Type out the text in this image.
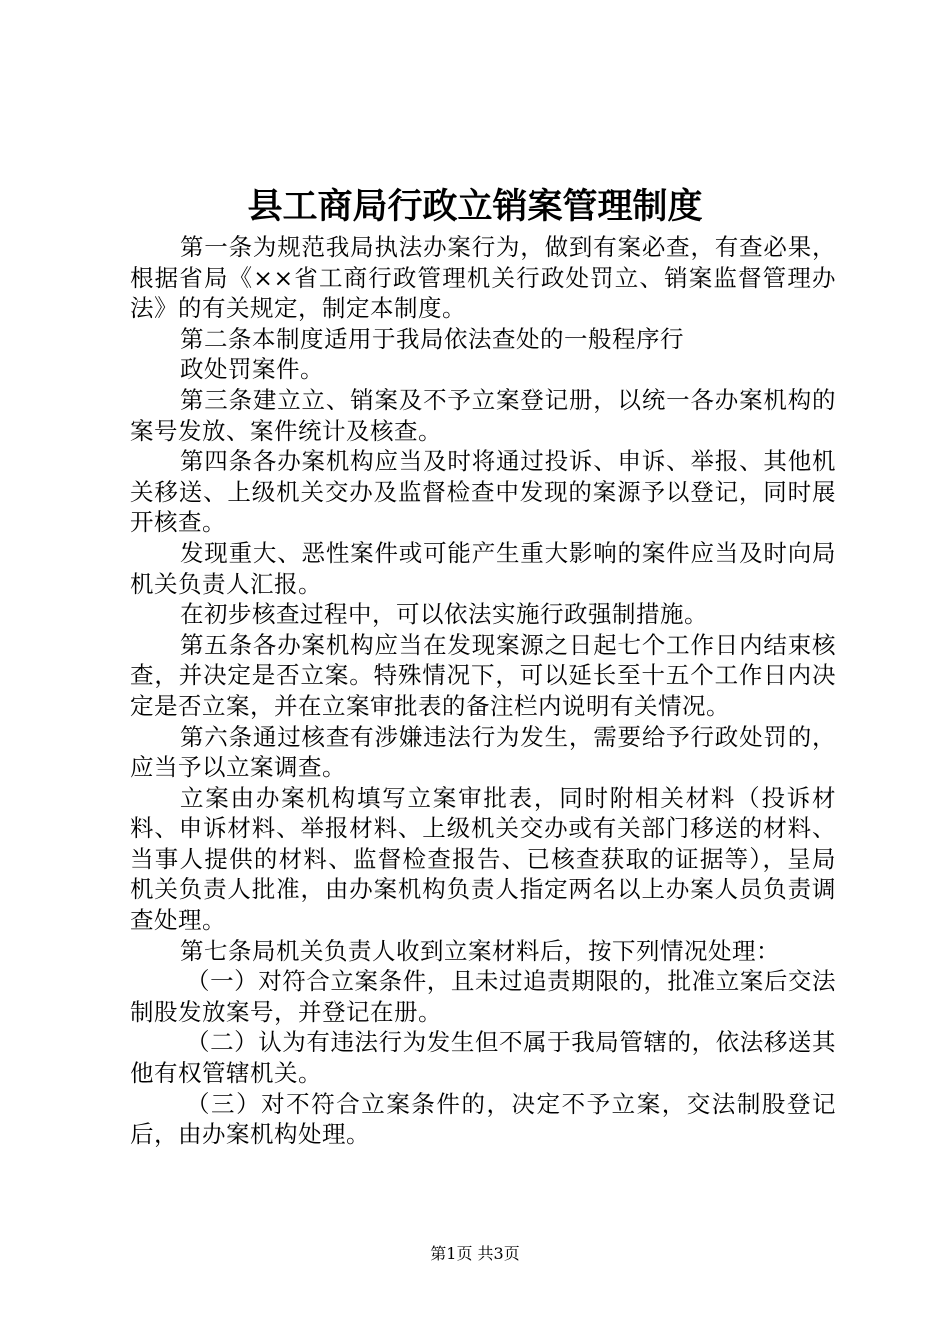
县工商局行政立销案管理制度

第一条为规范我局执法办案行为，做到有案必查，有查必果，根据省局《××省工商行政管理机关行政处罚立、销案监督管理办法》的有关规定，制定本制度。

第二条本制度适用于我局依法查处的一般程序行

政处罚案件。

第三条建立立、销案及不予立案登记册，以统一各办案机构的案号发放、案件统计及核查。

第四条各办案机构应当及时将通过投诉、申诉、举报、其他机关移送、上级机关交办及监督检查中发现的案源予以登记，同时展开核查。

发现重大、恶性案件或可能产生重大影响的案件应当及时向局机关负责人汇报。

在初步核查过程中，可以依法实施行政强制措施。

第五条各办案机构应当在发现案源之日起七个工作日内结束核查，并决定是否立案。特殊情况下，可以延长至十五个工作日内决定是否立案，并在立案审批表的备注栏内说明有关情况。

第六条通过核查有涉嫌违法行为发生，需要给予行政处罚的，应当予以立案调查。

立案由办案机构填写立案审批表，同时附相关材料（投诉材料、申诉材料、举报材料、上级机关交办或有关部门移送的材料、当事人提供的材料、监督检查报告、已核查获取的证据等），呈局机关负责人批准，由办案机构负责人指定两名以上办案人员负责调查处理。

第七条局机关负责人收到立案材料后，按下列情况处理：

（一）对符合立案条件，且未过追责期限的，批准立案后交法制股发放案号，并登记在册。

（二）认为有违法行为发生但不属于我局管辖的，依法移送其他有权管辖机关。

（三）对不符合立案条件的，决定不予立案，交法制股登记后，由办案机构处理。

第1页 共3页
